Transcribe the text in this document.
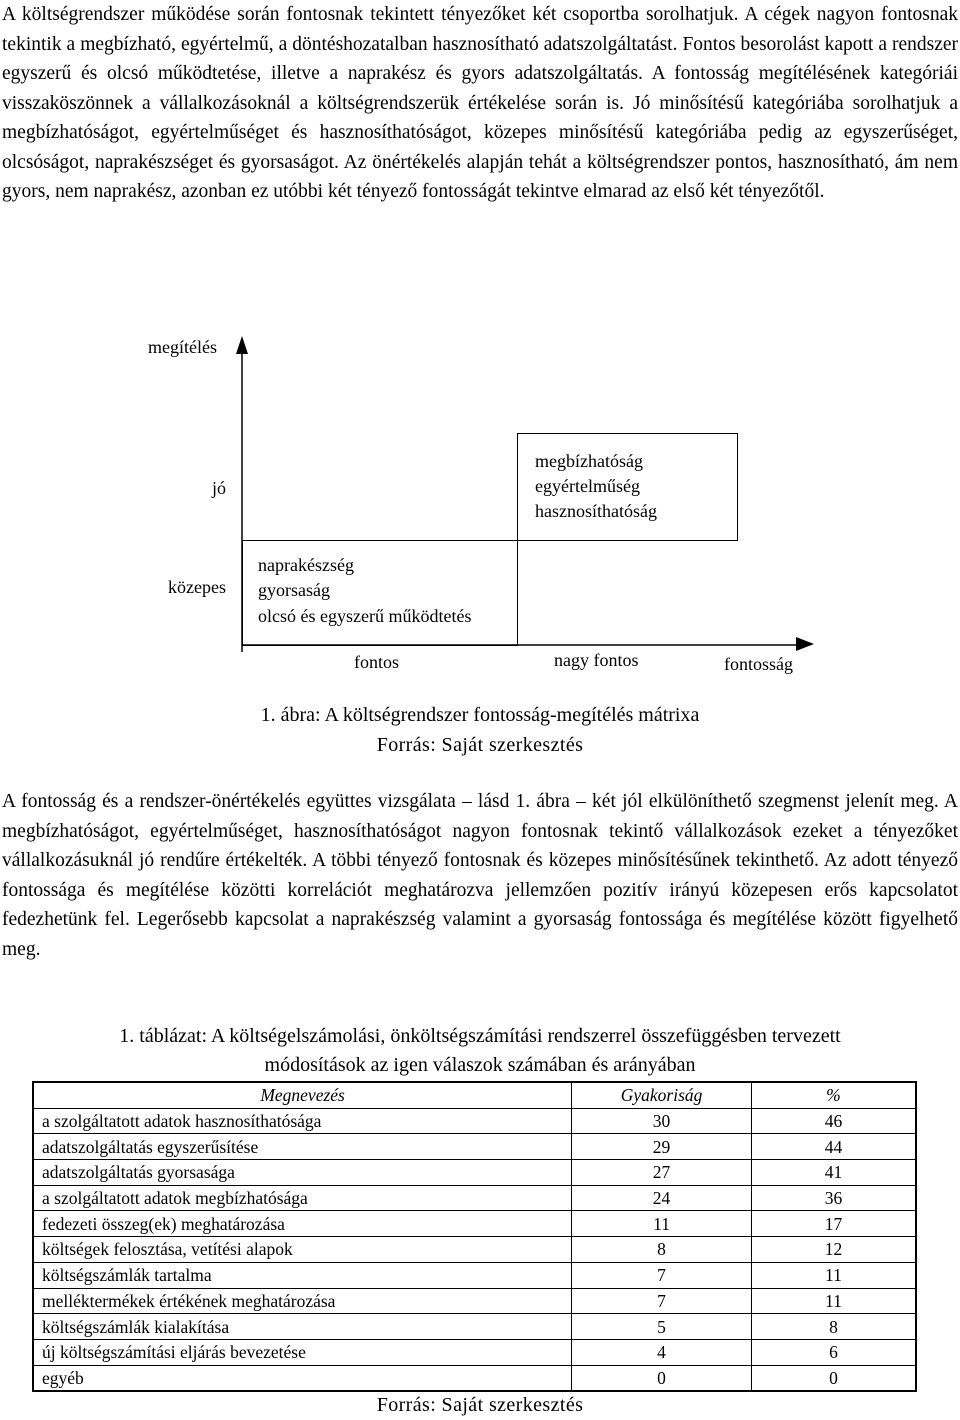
A költségrendszer működése során fontosnak tekintett tényezőket két csoportba sorolhatjuk. A cégek nagyon fontosnak tekintik a megbízható, egyértelmű, a döntéshozatalban hasznosítható adatszolgáltatást. Fontos besorolást kapott a rendszer egyszerű és olcsó működtetése, illetve a naprakész és gyors adatszolgáltatás. A fontosság megítélésének kategóriái visszaköszönnek a vállalkozásoknál a költségrendszerük értékelése során is. Jó minősítésű kategóriába sorolhatjuk a megbízhatóságot, egyértelműséget és hasznosíthatóságot, közepes minősítésű kategóriába pedig az egyszerűséget, olcsóságot, naprakészséget és gyorsaságot. Az önértékelés alapján tehát a költségrendszer pontos, hasznosítható, ám nem gyors, nem naprakész, azonban ez utóbbi két tényező fontosságát tekintve elmarad az első két tényezőtől.

megítélés
jó
közepes
megbízhatóság
egyértelműség
hasznosíthatóság
naprakészség
gyorsaság
olcsó és egyszerű működtetés
fontos	nagy fontos	fontosság

1. ábra: A költségrendszer fontosság-megítélés mátrixa

Forrás: Saját szerkesztés

A fontosság és a rendszer-önértékelés együttes vizsgálata – lásd 1. ábra – két jól elkülöníthető szegmenst jelenít meg. A megbízhatóságot, egyértelműséget, hasznosíthatóságot nagyon fontosnak tekintő vállalkozások ezeket a tényezőket vállalkozásuknál jó rendűre értékelték. A többi tényező fontosnak és közepes minősítésűnek tekinthető. Az adott tényező fontossága és megítélése közötti korrelációt meghatározva jellemzően pozitív irányú közepesen erős kapcsolatot fedezhetünk fel. Legerősebb kapcsolat a naprakészség valamint a gyorsaság fontossága és megítélése között figyelhető meg.

1. táblázat: A költségelszámolási, önköltségszámítási rendszerrel összefüggésben tervezett

módosítások az igen válaszok számában és arányában

Megnevezés	Gyakoriság	%
a szolgáltatott adatok hasznosíthatósága	30	46
adatszolgáltatás egyszerűsítése	29	44
adatszolgáltatás gyorsasága	27	41
a szolgáltatott adatok megbízhatósága	24	36
fedezeti összeg(ek) meghatározása	11	17
költségek felosztása, vetítési alapok	8	12
költségszámlák tartalma	7	11
melléktermékek értékének meghatározása	7	11
költségszámlák kialakítása	5	8
új költségszámítási eljárás bevezetése	4	6
egyéb	0	0

Forrás: Saját szerkesztés
